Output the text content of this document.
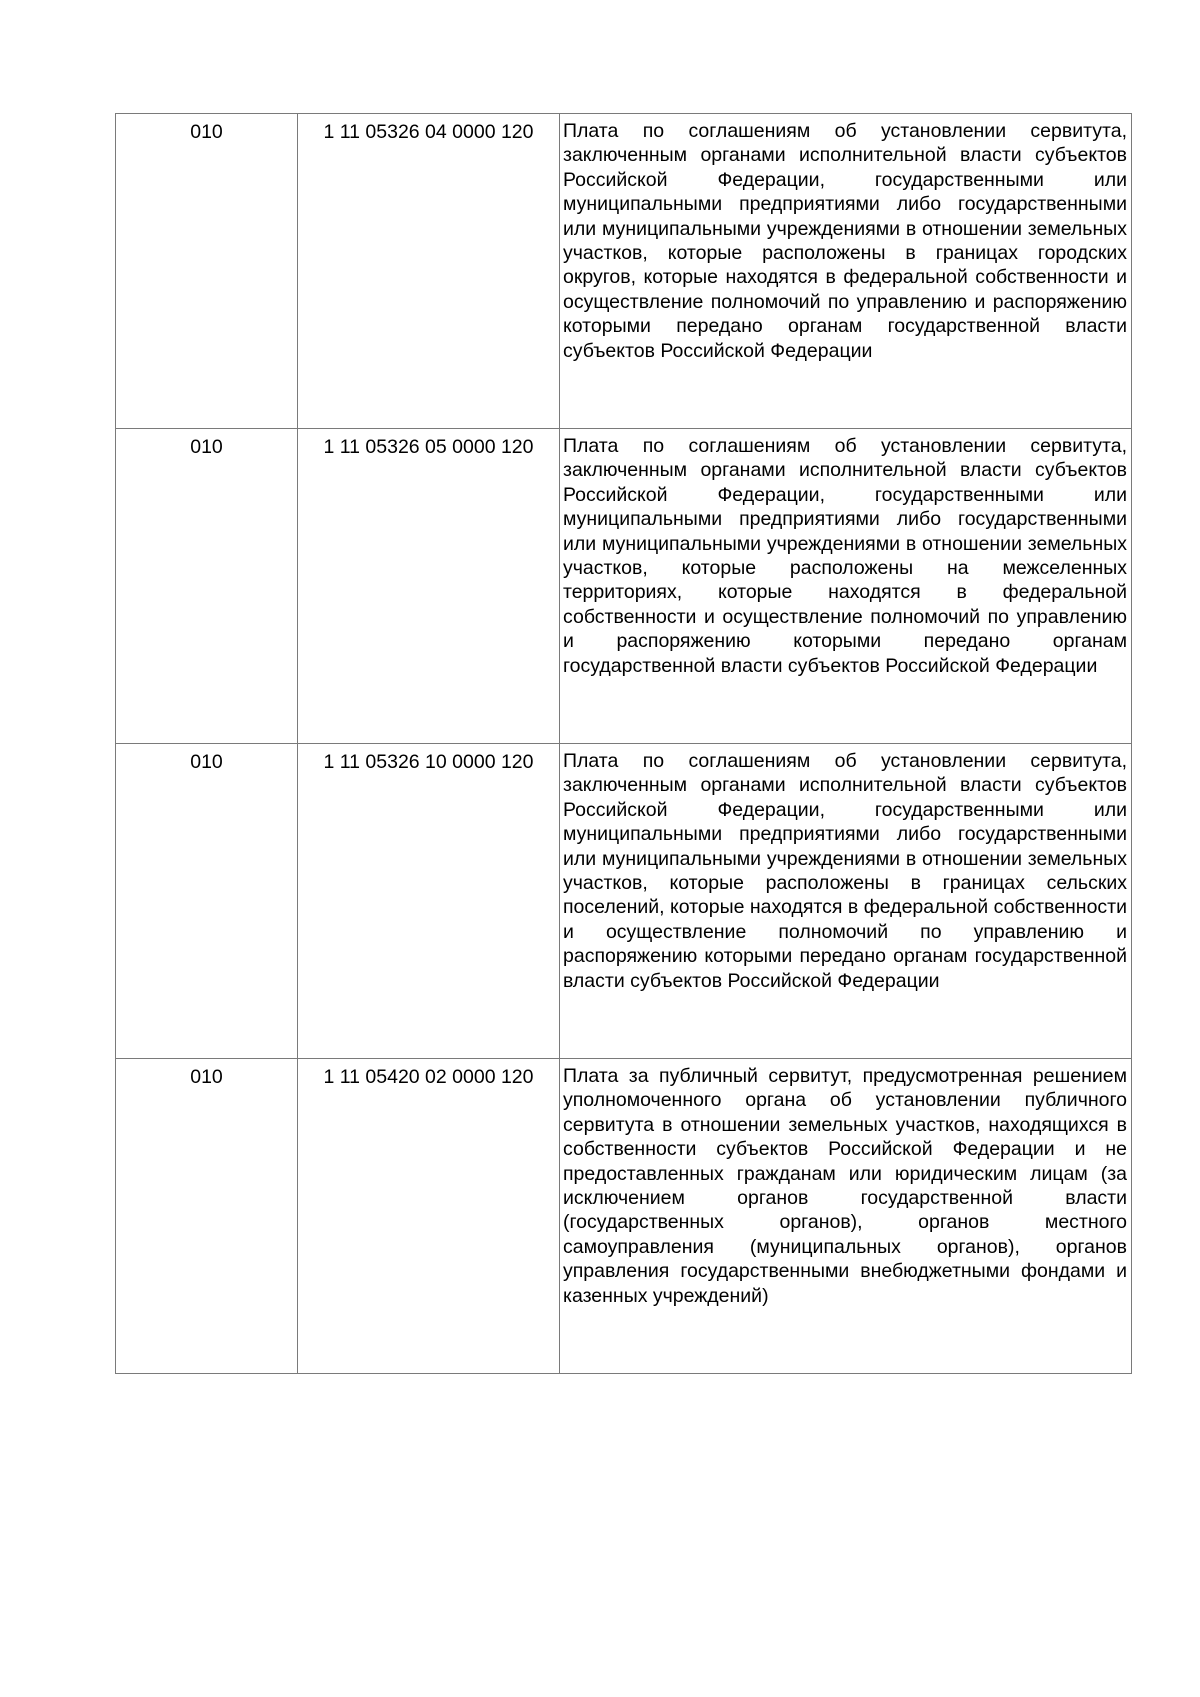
010	1 11 05326 04 0000 120	Плата по соглашениям об установлении сервитута, заключенным органами исполнительной власти субъектов Российской Федерации, государственными или муниципальными предприятиями либо государственными или муниципальными учреждениями в отношении земельных участков, которые расположены в границах городских округов, которые находятся в федеральной собственности и осуществление полномочий по управлению и распоряжению которыми передано органам государственной власти субъектов Российской Федерации

010	1 11 05326 05 0000 120	Плата по соглашениям об установлении сервитута, заключенным органами исполнительной власти субъектов Российской Федерации, государственными или муниципальными предприятиями либо государственными или муниципальными учреждениями в отношении земельных участков, которые расположены на межселенных территориях, которые находятся в федеральной собственности и осуществление полномочий по управлению и распоряжению которыми передано органам государственной власти субъектов Российской Федерации

010	1 11 05326 10 0000 120	Плата по соглашениям об установлении сервитута, заключенным органами исполнительной власти субъектов Российской Федерации, государственными или муниципальными предприятиями либо государственными или муниципальными учреждениями в отношении земельных участков, которые расположены в границах сельских поселений, которые находятся в федеральной собственности и осуществление полномочий по управлению и распоряжению которыми передано органам государственной власти субъектов Российской Федерации

010	1 11 05420 02 0000 120	Плата за публичный сервитут, предусмотренная решением уполномоченного органа об установлении публичного сервитута в отношении земельных участков, находящихся в собственности субъектов Российской Федерации и не предоставленных гражданам или юридическим лицам (за исключением органов государственной власти (государственных органов), органов местного самоуправления (муниципальных органов), органов управления государственными внебюджетными фондами и казенных учреждений)
